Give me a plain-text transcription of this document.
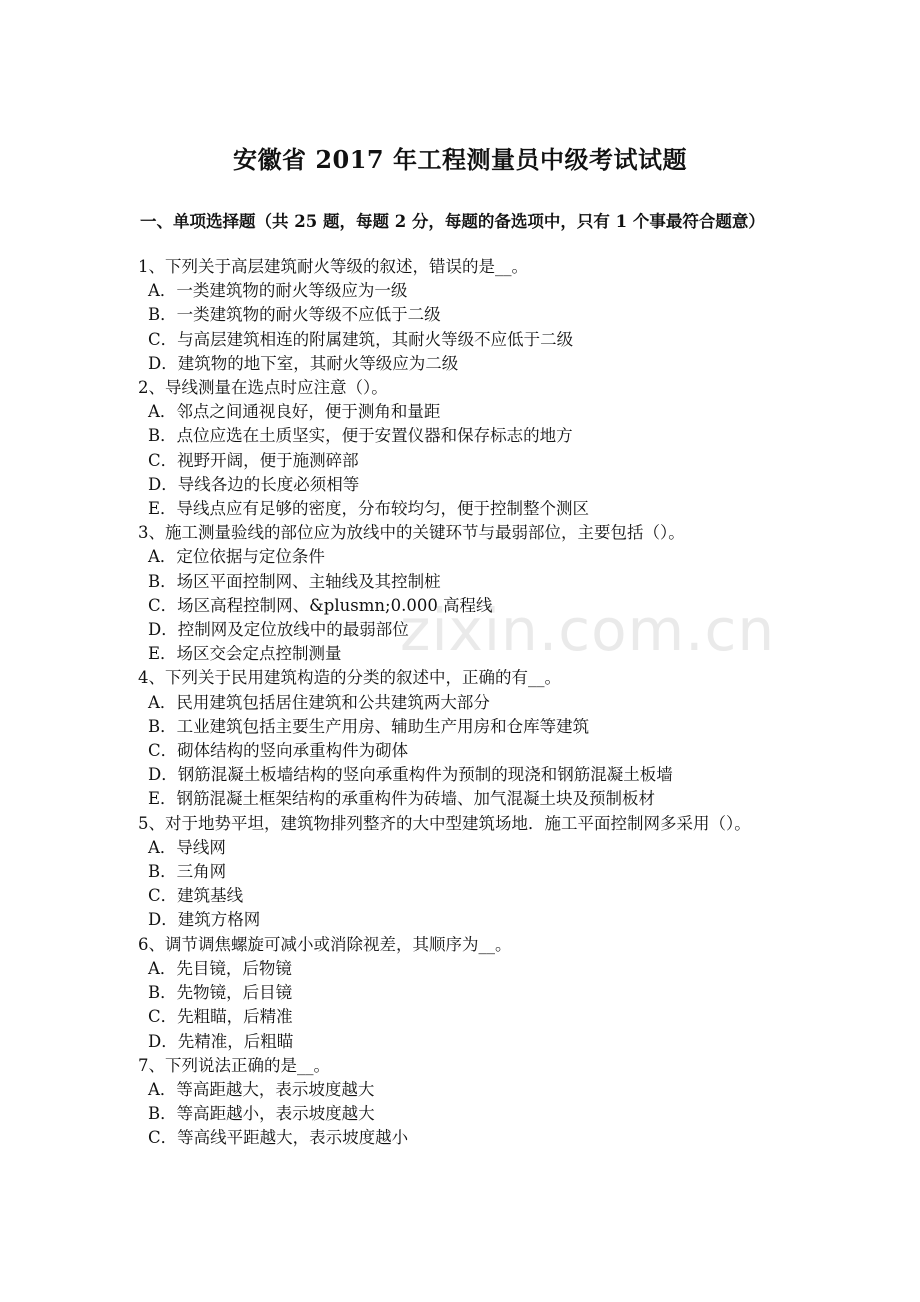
zixin.com.cn
安徽省 2017 年工程测量员中级考试试题
一、单项选择题（共 25 题，每题 2 分，每题的备选项中，只有 1 个事最符合题意）
1、下列关于高层建筑耐火等级的叙述，错误的是__。
A．一类建筑物的耐火等级应为一级
B．一类建筑物的耐火等级不应低于二级
C．与高层建筑相连的附属建筑，其耐火等级不应低于二级
D．建筑物的地下室，其耐火等级应为二级
2、导线测量在选点时应注意（）。
A．邻点之间通视良好，便于测角和量距
B．点位应选在土质坚实，便于安置仪器和保存标志的地方
C．视野开阔，便于施测碎部
D．导线各边的长度必须相等
E．导线点应有足够的密度，分布较均匀，便于控制整个测区
3、施工测量验线的部位应为放线中的关键环节与最弱部位，主要包括（）。
A．定位依据与定位条件
B．场区平面控制网、主轴线及其控制桩
C．场区高程控制网、&plusmn;0.000 高程线
D．控制网及定位放线中的最弱部位
E．场区交会定点控制测量
4、下列关于民用建筑构造的分类的叙述中，正确的有__。
A．民用建筑包括居住建筑和公共建筑两大部分
B．工业建筑包括主要生产用房、辅助生产用房和仓库等建筑
C．砌体结构的竖向承重构件为砌体
D．钢筋混凝土板墙结构的竖向承重构件为预制的现浇和钢筋混凝土板墙
E．钢筋混凝土框架结构的承重构件为砖墙、加气混凝土块及预制板材
5、对于地势平坦，建筑物排列整齐的大中型建筑场地．施工平面控制网多采用（）。
A．导线网
B．三角网
C．建筑基线
D．建筑方格网
6、调节调焦螺旋可减小或消除视差，其顺序为__。
A．先目镜，后物镜
B．先物镜，后目镜
C．先粗瞄，后精准
D．先精准，后粗瞄
7、下列说法正确的是__。
A．等高距越大，表示坡度越大
B．等高距越小，表示坡度越大
C．等高线平距越大，表示坡度越小
